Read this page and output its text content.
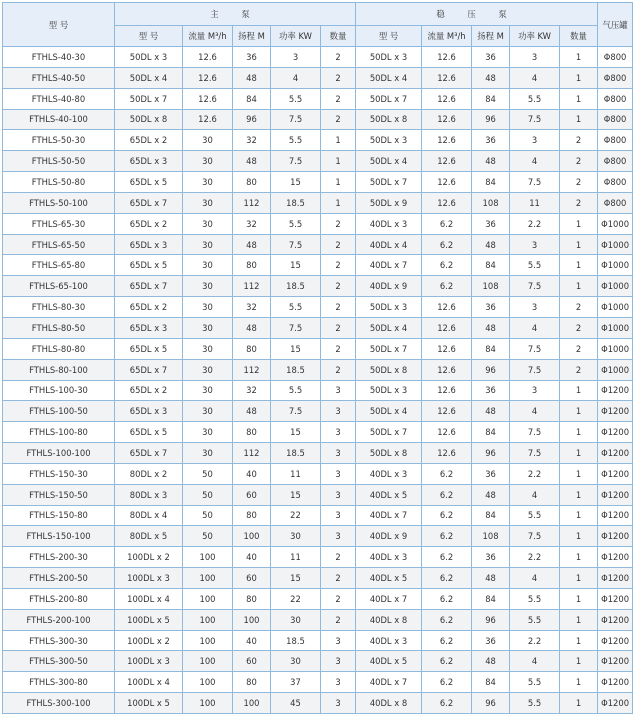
型 号	主 泵					稳 压 泵					气压罐
	型 号	流量 M³/h	扬程 M	功率 KW	数量	型 号	流量 M³/h	扬程 M	功率 KW	数量	
FTHLS-40-30	50DL x 3	12.6	36	3	2	50DL x 3	12.6	36	3	1	Φ800
FTHLS-40-50	50DL x 4	12.6	48	4	2	50DL x 4	12.6	48	4	1	Φ800
FTHLS-40-80	50DL x 7	12.6	84	5.5	2	50DL x 7	12.6	84	5.5	1	Φ800
FTHLS-40-100	50DL x 8	12.6	96	7.5	2	50DL x 8	12.6	96	7.5	1	Φ800
FTHLS-50-30	65DL x 2	30	32	5.5	1	50DL x 3	12.6	36	3	2	Φ800
FTHLS-50-50	65DL x 3	30	48	7.5	1	50DL x 4	12.6	48	4	2	Φ800
FTHLS-50-80	65DL x 5	30	80	15	1	50DL x 7	12.6	84	7.5	2	Φ800
FTHLS-50-100	65DL x 7	30	112	18.5	1	50DL x 9	12.6	108	11	2	Φ800
FTHLS-65-30	65DL x 2	30	32	5.5	2	40DL x 3	6.2	36	2.2	1	Φ1000
FTHLS-65-50	65DL x 3	30	48	7.5	2	40DL x 4	6.2	48	3	1	Φ1000
FTHLS-65-80	65DL x 5	30	80	15	2	40DL x 7	6.2	84	5.5	1	Φ1000
FTHLS-65-100	65DL x 7	30	112	18.5	2	40DL x 9	6.2	108	7.5	1	Φ1000
FTHLS-80-30	65DL x 2	30	32	5.5	2	50DL x 3	12.6	36	3	2	Φ1000
FTHLS-80-50	65DL x 3	30	48	7.5	2	50DL x 4	12.6	48	4	2	Φ1000
FTHLS-80-80	65DL x 5	30	80	15	2	50DL x 7	12.6	84	7.5	2	Φ1000
FTHLS-80-100	65DL x 7	30	112	18.5	2	50DL x 8	12.6	96	7.5	2	Φ1000
FTHLS-100-30	65DL x 2	30	32	5.5	3	50DL x 3	12.6	36	3	1	Φ1200
FTHLS-100-50	65DL x 3	30	48	7.5	3	50DL x 4	12.6	48	4	1	Φ1200
FTHLS-100-80	65DL x 5	30	80	15	3	50DL x 7	12.6	84	7.5	1	Φ1200
FTHLS-100-100	65DL x 7	30	112	18.5	3	50DL x 8	12.6	96	7.5	1	Φ1200
FTHLS-150-30	80DL x 2	50	40	11	3	40DL x 3	6.2	36	2.2	1	Φ1200
FTHLS-150-50	80DL x 3	50	60	15	3	40DL x 5	6.2	48	4	1	Φ1200
FTHLS-150-80	80DL x 4	50	80	22	3	40DL x 7	6.2	84	5.5	1	Φ1200
FTHLS-150-100	80DL x 5	50	100	30	3	40DL x 9	6.2	108	7.5	1	Φ1200
FTHLS-200-30	100DL x 2	100	40	11	2	40DL x 3	6.2	36	2.2	1	Φ1200
FTHLS-200-50	100DL x 3	100	60	15	2	40DL x 5	6.2	48	4	1	Φ1200
FTHLS-200-80	100DL x 4	100	80	22	2	40DL x 7	6.2	84	5.5	1	Φ1200
FTHLS-200-100	100DL x 5	100	100	30	2	40DL x 8	6.2	96	5.5	1	Φ1200
FTHLS-300-30	100DL x 2	100	40	18.5	3	40DL x 3	6.2	36	2.2	1	Φ1200
FTHLS-300-50	100DL x 3	100	60	30	3	40DL x 5	6.2	48	4	1	Φ1200
FTHLS-300-80	100DL x 4	100	80	37	3	40DL x 7	6.2	84	5.5	1	Φ1200
FTHLS-300-100	100DL x 5	100	100	45	3	40DL x 8	6.2	96	5.5	1	Φ1200
